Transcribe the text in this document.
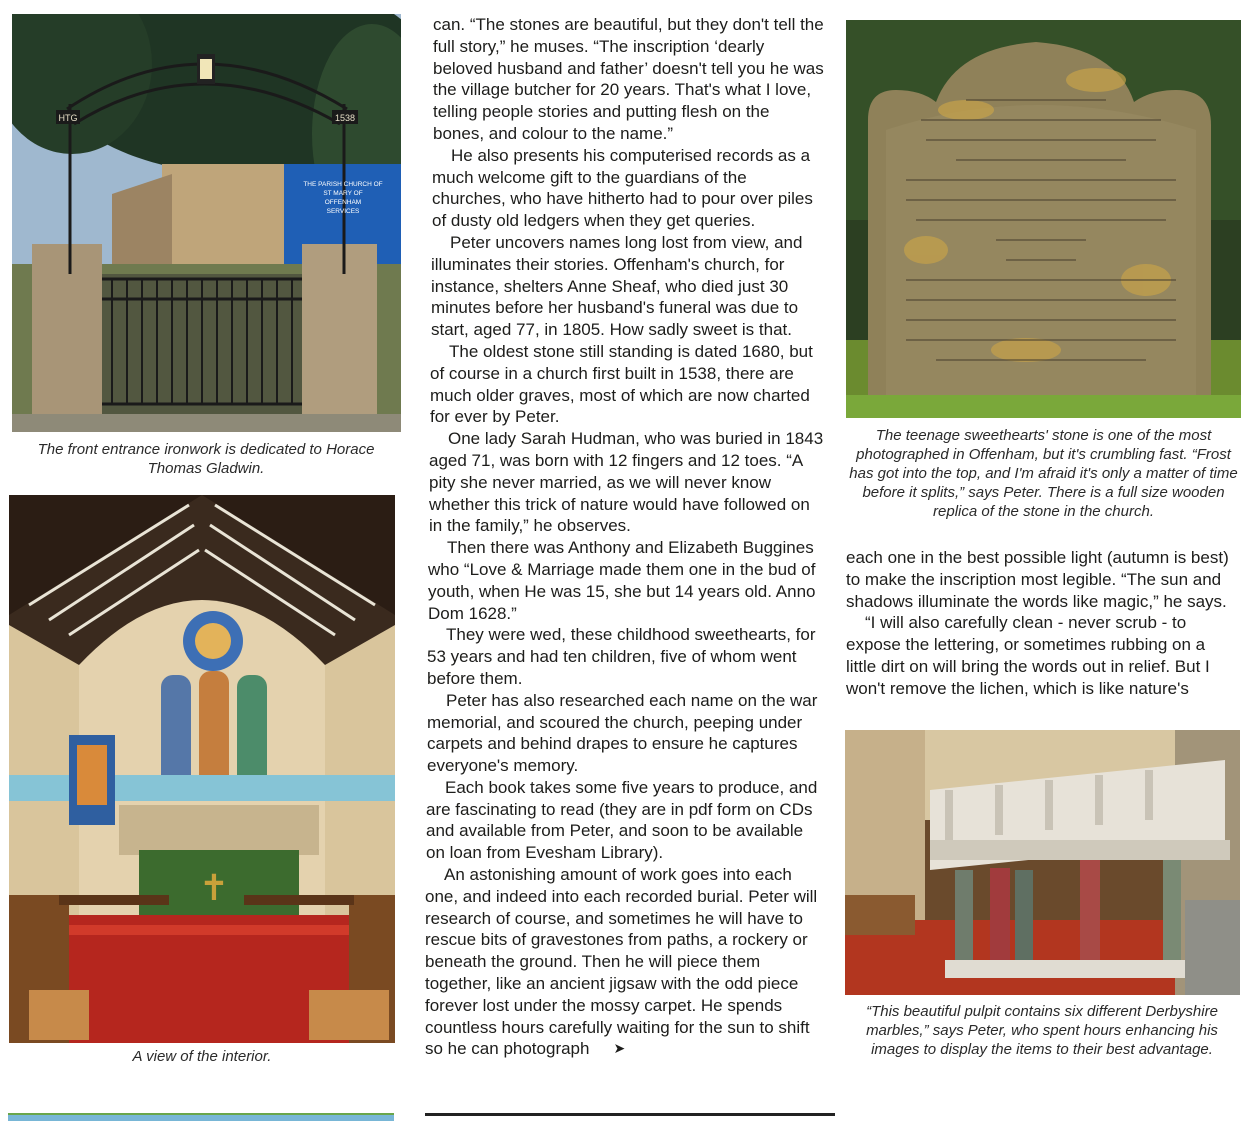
HTG	1538
THE PARISH CHURCH OF
ST MARY OF
OFFENHAM
SERVICES
The front entrance ironwork is dedicated to Horace Thomas Gladwin.
✝
A view of the interior.

can. “The stones are beautiful, but they don't tell the full story,” he muses. “The inscription ‘dearly beloved husband and father’ doesn't tell you he was the village butcher for 20 years. That's what I love, telling people stories and putting flesh on the bones, and colour to the name.”

He also presents his computerised records as a much welcome gift to the guardians of the churches, who have hitherto had to pour over piles of dusty old ledgers when they get queries.

Peter uncovers names long lost from view, and illuminates their stories. Offenham's church, for instance, shelters Anne Sheaf, who died just 30 minutes before her husband's funeral was due to start, aged 77, in 1805. How sadly sweet is that.

The oldest stone still standing is dated 1680, but of course in a church first built in 1538, there are much older graves, most of which are now charted for ever by Peter.

One lady Sarah Hudman, who was buried in 1843 aged 71, was born with 12 fingers and 12 toes. “A pity she never married, as we will never know whether this trick of nature would have followed on in the family,” he observes.

Then there was Anthony and Elizabeth Buggines who “Love & Marriage made them one in the bud of youth, when He was 15, she but 14 years old. Anno Dom 1628.”

They were wed, these childhood sweethearts, for 53 years and had ten children, five of whom went before them.

Peter has also researched each name on the war memorial, and scoured the church, peeping under carpets and behind drapes to ensure he captures everyone's memory.

Each book takes some five years to produce, and are fascinating to read (they are in pdf form on CDs and available from Peter, and soon to be available on loan from Evesham Library).

An astonishing amount of work goes into each one, and indeed into each recorded burial. Peter will research of course, and sometimes he will have to rescue bits of gravestones from paths, a rockery or beneath the ground. Then he will piece them together, like an ancient jigsaw with the odd piece forever lost under the mossy carpet. He spends countless hours carefully waiting for the sun to shift so he can photograph ➤

The teenage sweethearts' stone is one of the most photographed in Offenham, but it's crumbling fast. “Frost has got into the top, and I'm afraid it's only a matter of time before it splits,” says Peter. There is a full size wooden replica of the stone in the church.

each one in the best possible light (autumn is best) to make the inscription most legible. “The sun and shadows illuminate the words like magic,” he says.

“I will also carefully clean - never scrub - to expose the lettering, or sometimes rubbing on a little dirt on will bring the words out in relief. But I won't remove the lichen, which is like nature's

“This beautiful pulpit contains six different Derbyshire marbles,” says Peter, who spent hours enhancing his images to display the items to their best advantage.
